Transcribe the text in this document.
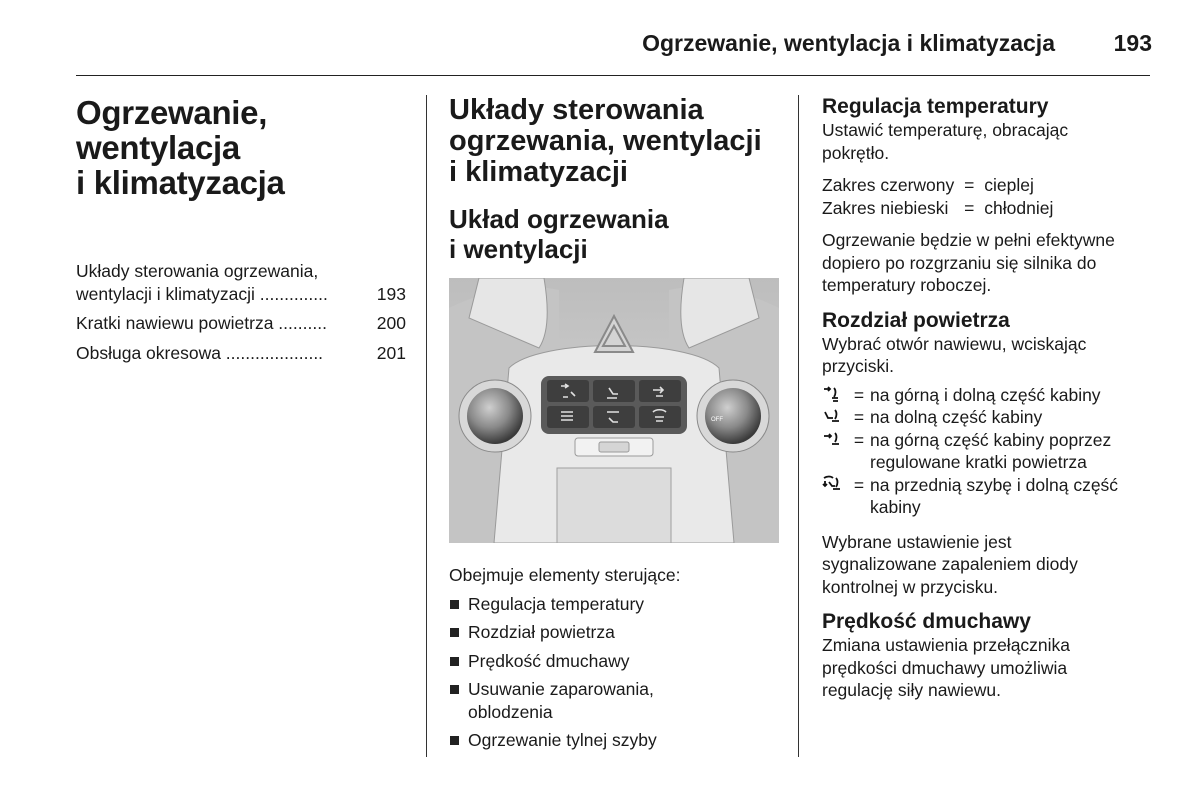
Ogrzewanie, wentylacja i klimatyzacja	193
Ogrzewanie,
wentylacja
i klimatyzacja
Układy sterowania ogrzewania, wentylacji i klimatyzacji ..............	193
Kratki nawiewu powietrza ..........	200
Obsługa okresowa ....................	201
Układy sterowania
ogrzewania, wentylacji
i klimatyzacji
Układ ogrzewania
i wentylacji
OFF

Obejmuje elementy sterujące:

Regulacja temperatury
Rozdział powietrza
Prędkość dmuchawy
Usuwanie zaparowania, oblodzenia
Ogrzewanie tylnej szyby
Regulacja temperatury

Ustawić temperaturę, obracając pokrętło.

Zakres czerwony = cieplej
Zakres niebieski = chłodniej

Ogrzewanie będzie w pełni efektywne dopiero po rozgrzaniu się silnika do temperatury roboczej.

Rozdział powietrza

Wybrać otwór nawiewu, wciskając przyciski.

= na górną i dolną część kabiny
= na dolną część kabiny
= na górną część kabiny poprzez regulowane kratki powietrza
= na przednią szybę i dolną część kabiny

Wybrane ustawienie jest sygnalizowane zapaleniem diody kontrolnej w przycisku.

Prędkość dmuchawy

Zmiana ustawienia przełącznika prędkości dmuchawy umożliwia regulację siły nawiewu.
